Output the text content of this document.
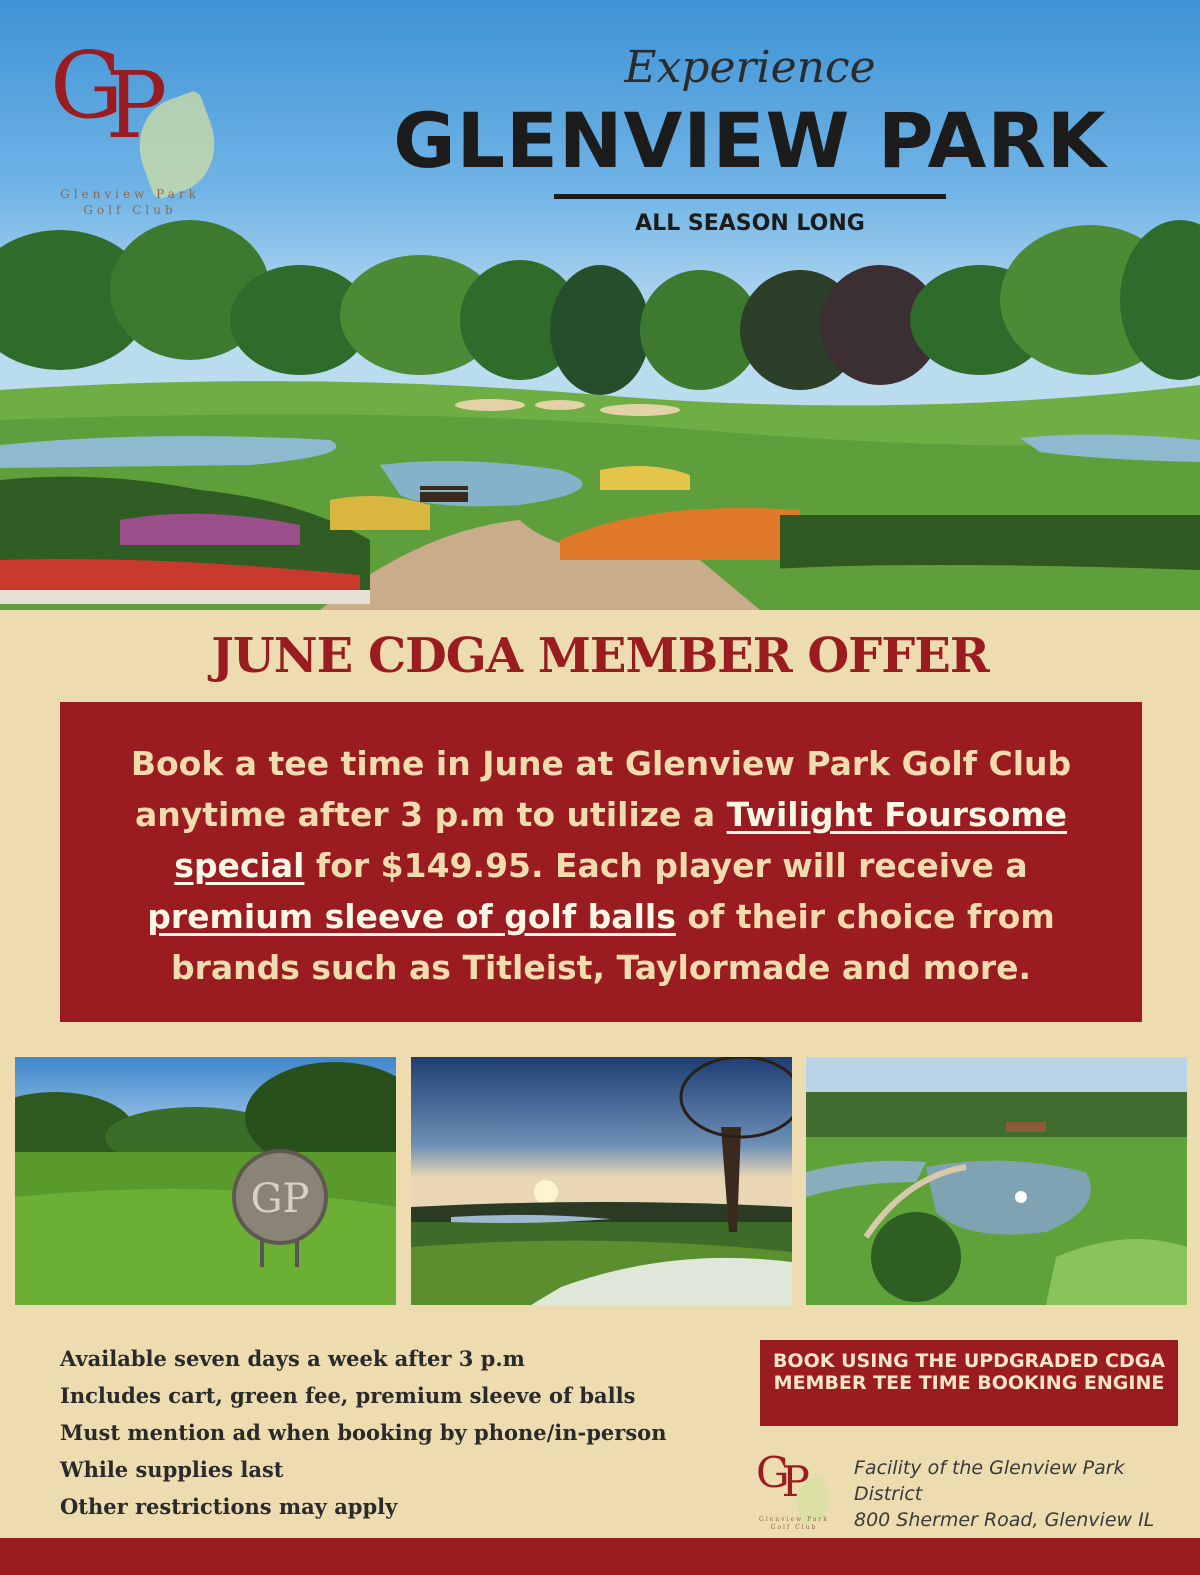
GP
Glenview Park
Golf Club
Experience
GLENVIEW PARK
ALL SEASON LONG
JUNE CDGA MEMBER OFFER
Book a tee time in June at Glenview Park Golf Club anytime after 3 p.m to utilize a Twilight Foursome special for $149.95. Each player will receive a premium sleeve of golf balls of their choice from brands such as Titleist, Taylormade and more.
GP
Available seven days a week after 3 p.m
Includes cart, green fee, premium sleeve of balls
Must mention ad when booking by phone/in-person
While supplies last
Other restrictions may apply
BOOK USING THE UPDGRADED CDGA MEMBER TEE TIME BOOKING ENGINE
GP
Glenview Park
Golf Club
Facility of the Glenview Park District
800 Shermer Road, Glenview IL
